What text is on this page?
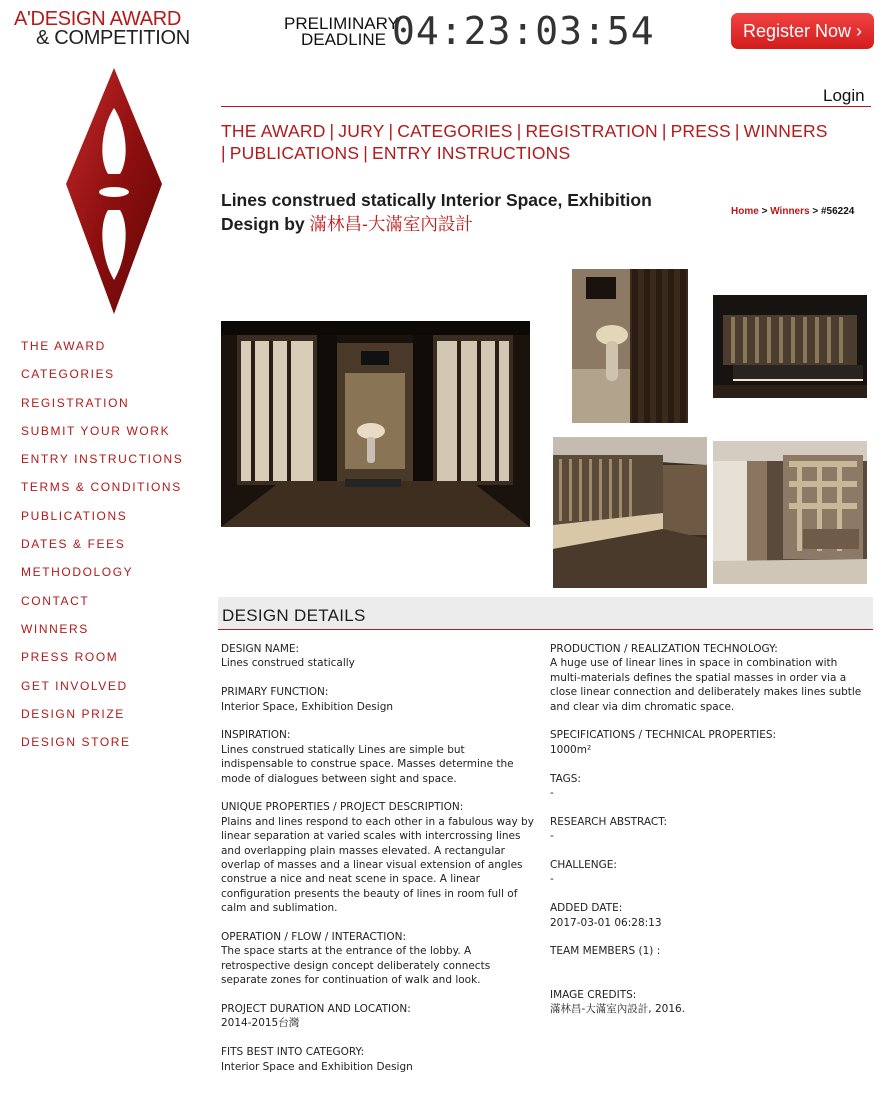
A'DESIGN AWARD
& COMPETITION
PRELIMINARY
DEADLINE 04:23:03:54	Register Now ›
Login
THE AWARD | JURY | CATEGORIES | REGISTRATION | PRESS | WINNERS
| PUBLICATIONS | ENTRY INSTRUCTIONS
THE AWARD
CATEGORIES
REGISTRATION
SUBMIT YOUR WORK
ENTRY INSTRUCTIONS
TERMS & CONDITIONS
PUBLICATIONS
DATES & FEES
METHODOLOGY
CONTACT
WINNERS
PRESS ROOM
GET INVOLVED
DESIGN PRIZE
DESIGN STORE
Lines construed statically Interior Space, Exhibition Design by 滿林昌-大滿室內設計
Home > Winners > #56224
DESIGN DETAILS
DESIGN NAME:
Lines construed statically
PRIMARY FUNCTION:
Interior Space, Exhibition Design
INSPIRATION:
Lines construed statically Lines are simple but indispensable to construe space. Masses determine the mode of dialogues between sight and space.
UNIQUE PROPERTIES / PROJECT DESCRIPTION:
Plains and lines respond to each other in a fabulous way by linear separation at varied scales with intercrossing lines and overlapping plain masses elevated. A rectangular overlap of masses and a linear visual extension of angles construe a nice and neat scene in space. A linear configuration presents the beauty of lines in room full of calm and sublimation.
OPERATION / FLOW / INTERACTION:
The space starts at the entrance of the lobby. A retrospective design concept deliberately connects separate zones for continuation of walk and look.
PROJECT DURATION AND LOCATION:
2014-2015台灣
FITS BEST INTO CATEGORY:
Interior Space and Exhibition Design
PRODUCTION / REALIZATION TECHNOLOGY:
A huge use of linear lines in space in combination with multi-materials defines the spatial masses in order via a close linear connection and deliberately makes lines subtle and clear via dim chromatic space.
SPECIFICATIONS / TECHNICAL PROPERTIES:
1000m²
TAGS:
-
RESEARCH ABSTRACT:
-
CHALLENGE:
-
ADDED DATE:
2017-03-01 06:28:13
TEAM MEMBERS (1) :
IMAGE CREDITS:
滿林昌-大滿室內設計, 2016.
